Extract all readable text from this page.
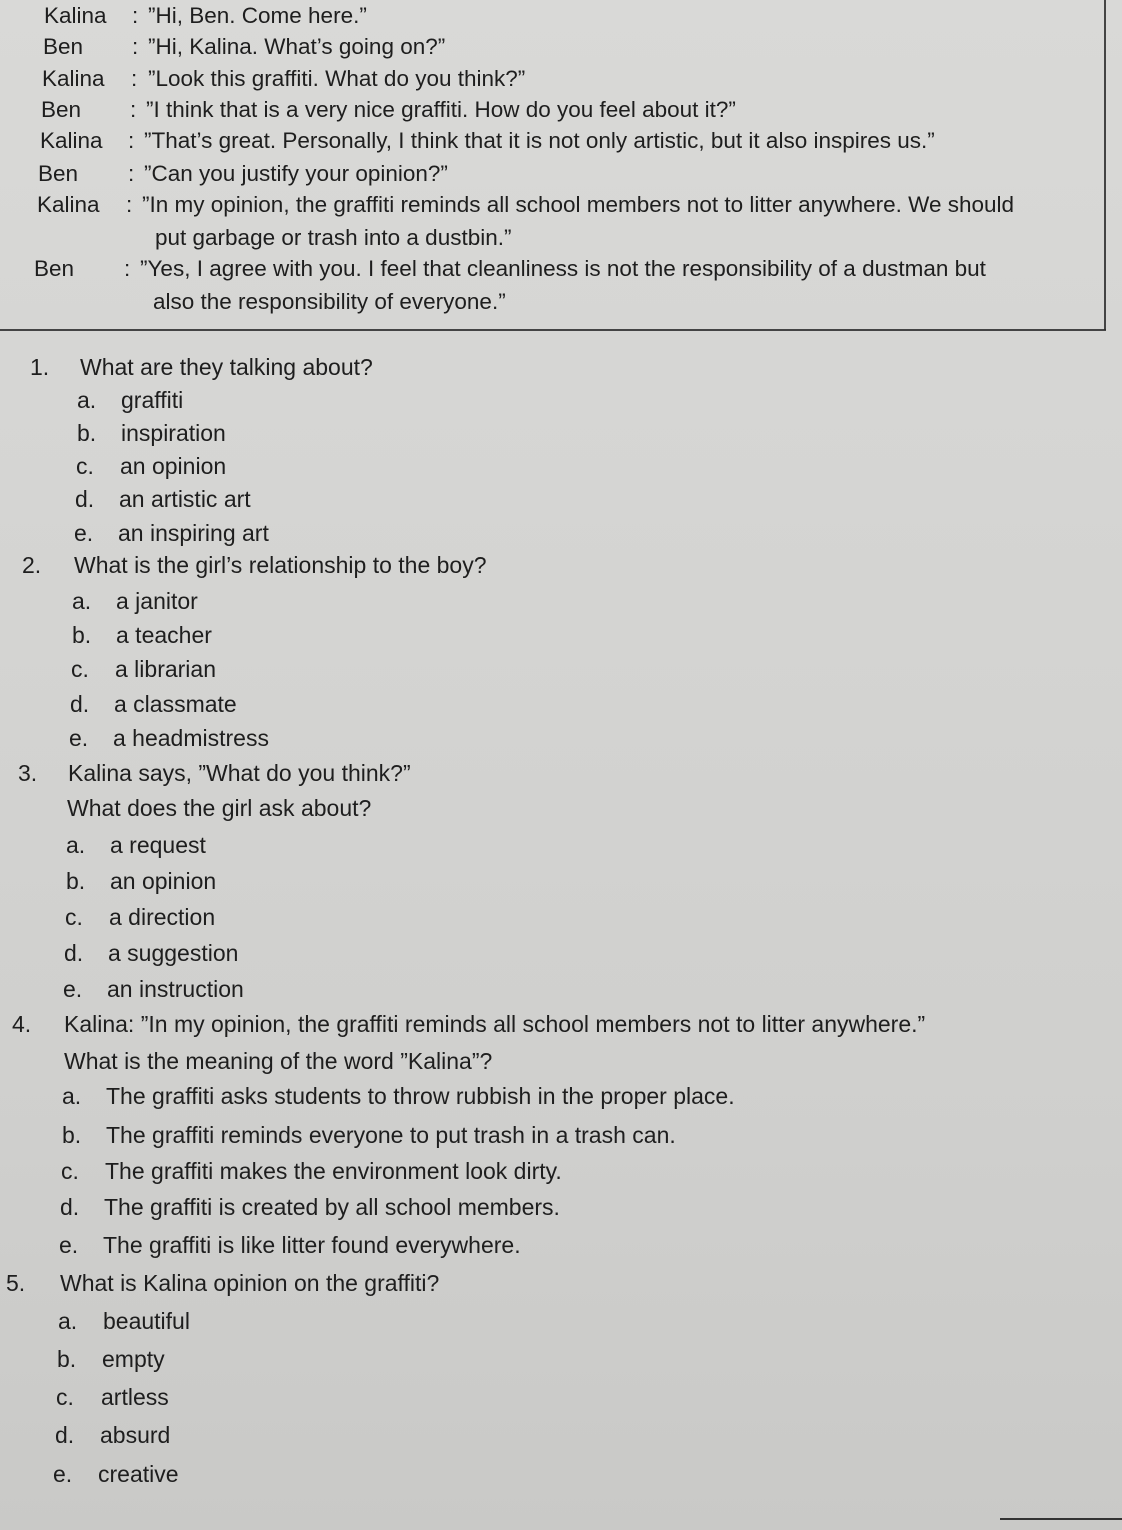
Kalina : ”Hi, Ben. Come here.”
Ben : ”Hi, Kalina. What’s going on?”
Kalina : ”Look this graffiti. What do you think?”
Ben : ”I think that is a very nice graffiti. How do you feel about it?”
Kalina : ”That’s great. Personally, I think that it is not only artistic, but it also inspires us.”
Ben : ”Can you justify your opinion?”
Kalina : ”In my opinion, the graffiti reminds all school members not to litter anywhere. We should
put garbage or trash into a dustbin.”
Ben : ”Yes, I agree with you. I feel that cleanliness is not the responsibility of a dustman but
also the responsibility of everyone.”
1. What are they talking about?
a. graffiti
b. inspiration
c. an opinion
d. an artistic art
e. an inspiring art
2. What is the girl’s relationship to the boy?
a. a janitor
b. a teacher
c. a librarian
d. a classmate
e. a headmistress
3. Kalina says, ”What do you think?”
What does the girl ask about?
a. a request
b. an opinion
c. a direction
d. a suggestion
e. an instruction
4. Kalina: ”In my opinion, the graffiti reminds all school members not to litter anywhere.”
What is the meaning of the word ”Kalina”?
a. The graffiti asks students to throw rubbish in the proper place.
b. The graffiti reminds everyone to put trash in a trash can.
c. The graffiti makes the environment look dirty.
d. The graffiti is created by all school members.
e. The graffiti is like litter found everywhere.
5. What is Kalina opinion on the graffiti?
a. beautiful
b. empty
c. artless
d. absurd
e. creative
